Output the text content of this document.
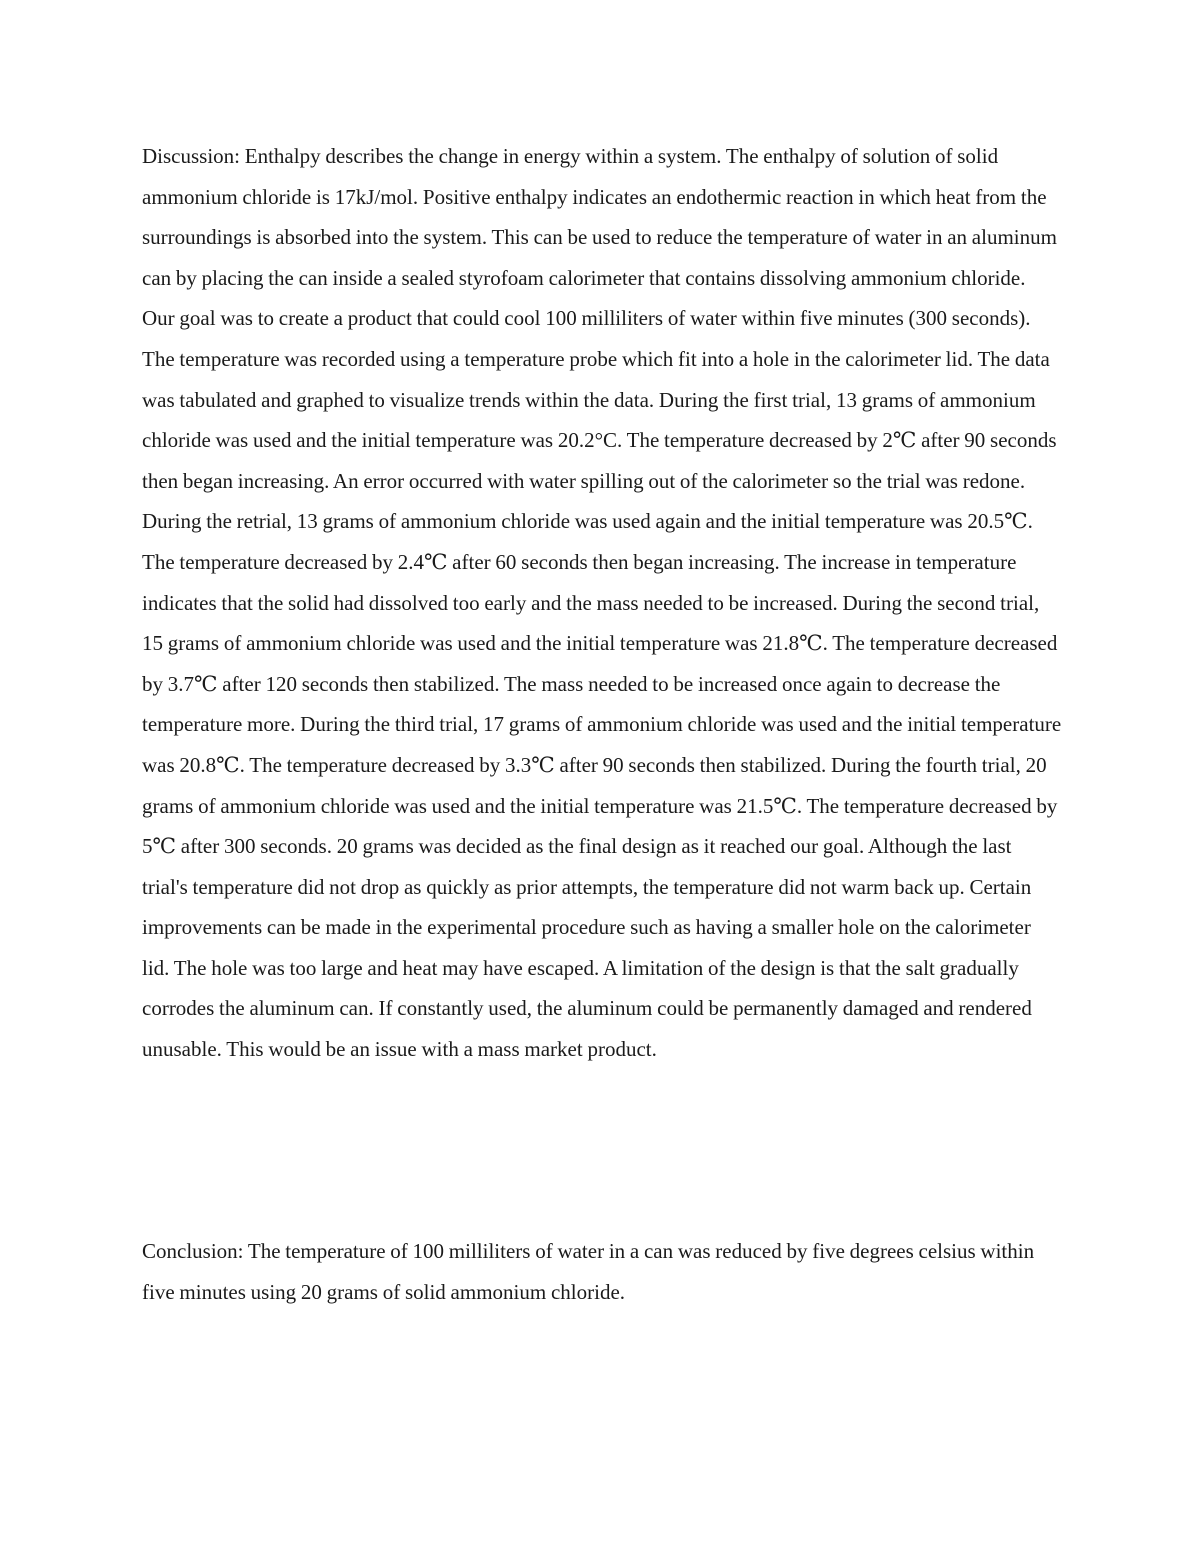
Discussion: Enthalpy describes the change in energy within a system. The enthalpy of solution of solid ammonium chloride is 17kJ/mol. Positive enthalpy indicates an endothermic reaction in which heat from the surroundings is absorbed into the system. This can be used to reduce the temperature of water in an aluminum can by placing the can inside a sealed styrofoam calorimeter that contains dissolving ammonium chloride. Our goal was to create a product that could cool 100 milliliters of water within five minutes (300 seconds). The temperature was recorded using a temperature probe which fit into a hole in the calorimeter lid. The data was tabulated and graphed to visualize trends within the data. During the first trial, 13 grams of ammonium chloride was used and the initial temperature was 20.2°C. The temperature decreased by 2℃ after 90 seconds then began increasing. An error occurred with water spilling out of the calorimeter so the trial was redone. During the retrial, 13 grams of ammonium chloride was used again and the initial temperature was 20.5℃. The temperature decreased by 2.4℃ after 60 seconds then began increasing. The increase in temperature indicates that the solid had dissolved too early and the mass needed to be increased. During the second trial, 15 grams of ammonium chloride was used and the initial temperature was 21.8℃. The temperature decreased by 3.7℃ after 120 seconds then stabilized. The mass needed to be increased once again to decrease the temperature more. During the third trial, 17 grams of ammonium chloride was used and the initial temperature was 20.8℃. The temperature decreased by 3.3℃ after 90 seconds then stabilized. During the fourth trial, 20 grams of ammonium chloride was used and the initial temperature was 21.5℃. The temperature decreased by 5℃ after 300 seconds. 20 grams was decided as the final design as it reached our goal. Although the last trial's temperature did not drop as quickly as prior attempts, the temperature did not warm back up. Certain improvements can be made in the experimental procedure such as having a smaller hole on the calorimeter lid. The hole was too large and heat may have escaped. A limitation of the design is that the salt gradually corrodes the aluminum can. If constantly used, the aluminum could be permanently damaged and rendered unusable. This would be an issue with a mass market product.

Conclusion: The temperature of 100 milliliters of water in a can was reduced by five degrees celsius within five minutes using 20 grams of solid ammonium chloride.
